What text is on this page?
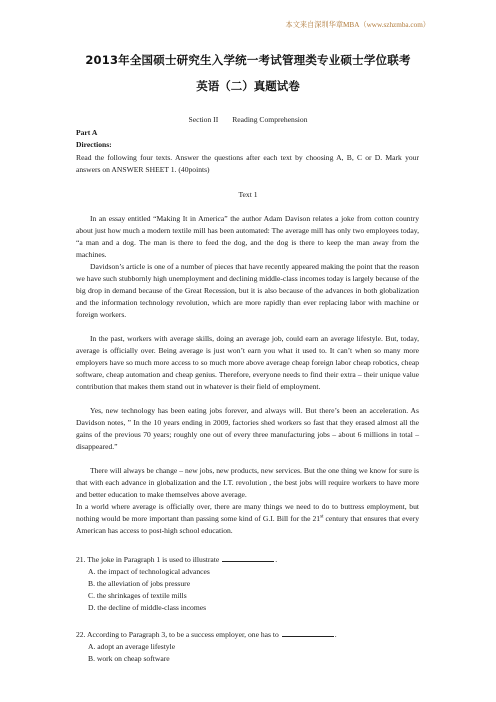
本文来自深圳华章MBA（www.szhzmba.com）
2013年全国硕士研究生入学统一考试管理类专业硕士学位联考
英语（二）真题试卷
Section II Reading Comprehension
Part A
Directions:

Read the following four texts. Answer the questions after each text by choosing A, B, C or D. Mark your answers on ANSWER SHEET 1. (40points)

Text 1

In an essay entitled “Making It in America” the author Adam Davison relates a joke from cotton country about just how much a modern textile mill has been automated: The average mill has only two employees today, “a man and a dog. The man is there to feed the dog, and the dog is there to keep the man away from the machines.

Davidson’s article is one of a number of pieces that have recently appeared making the point that the reason we have such stubbornly high unemployment and declining middle-class incomes today is largely because of the big drop in demand because of the Great Recession, but it is also because of the advances in both globalization and the information technology revolution, which are more rapidly than ever replacing labor with machine or foreign workers.

In the past, workers with average skills, doing an average job, could earn an average lifestyle. But, today, average is officially over. Being average is just won’t earn you what it used to. It can’t when so many more employers have so much more access to so much more above average cheap foreign labor cheap robotics, cheap software, cheap automation and cheap genius. Therefore, everyone needs to find their extra – their unique value contribution that makes them stand out in whatever is their field of employment.

Yes, new technology has been eating jobs forever, and always will. But there’s been an acceleration. As Davidson notes, ” In the 10 years ending in 2009, factories shed workers so fast that they erased almost all the gains of the previous 70 years; roughly one out of every three manufacturing jobs – about 6 millions in total – disappeared.”

There will always be change – new jobs, new products, new services. But the one thing we know for sure is that with each advance in globalization and the I.T. revolution , the best jobs will require workers to have more and better education to make themselves above average.

In a world where average is officially over, there are many things we need to do to buttress employment, but nothing would be more important than passing some kind of G.I. Bill for the 21st century that ensures that every American has access to post-high school education.

21. The joke in Paragraph 1 is used to illustrate	.

A. the impact of technological advances

B. the alleviation of jobs pressure

C. the shrinkages of textile mills

D. the decline of middle-class incomes

22. According to Paragraph 3, to be a success employer, one has to	.

A. adopt an average lifestyle

B. work on cheap software
